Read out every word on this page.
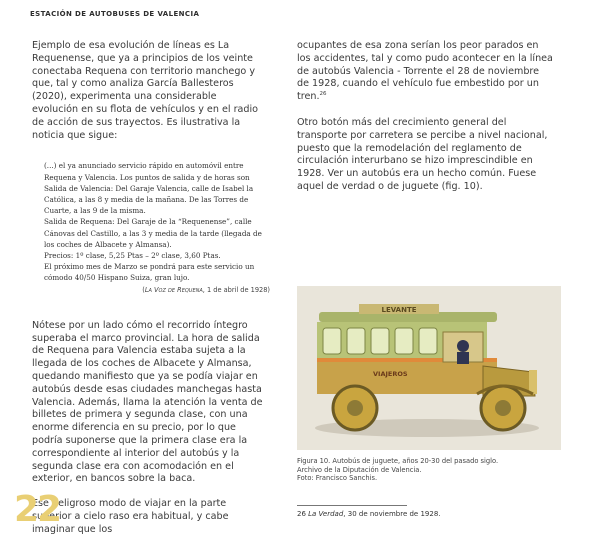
ESTACIÓN DE AUTOBUSES DE VALENCIA

Ejemplo de esa evolución de líneas es La Requenense, que ya a principios de los veinte conectaba Requena con territorio manchego y que, tal y como analiza García Ballesteros (2020), experimenta una considerable evolución en su flota de vehículos y en el radio de acción de sus trayectos. Es ilustrativa la noticia que sigue:

(...) el ya anunciado servicio rápido en automóvil entre Requena y Valencia. Los puntos de salida y de horas son

Salida de Valencia: Del Garaje Valencia, calle de Isabel la Católica, a las 8 y media de la mañana. De las Torres de Cuarte, a las 9 de la misma.

Salida de Requena: Del Garaje de la “Requenense”, calle Cánovas del Castillo, a las 3 y media de la tarde (llegada de los coches de Albacete y Almansa).

Precios: 1º clase, 5,25 Ptas – 2º clase, 3,60 Ptas.

El próximo mes de Marzo se pondrá para este servicio un cómodo 40/50 Hispano Suiza, gran lujo.

(La Voz de Requena, 1 de abril de 1928)

Nótese por un lado cómo el recorrido íntegro superaba el marco provincial. La hora de salida de Requena para Valencia estaba sujeta a la llegada de los coches de Albacete y Almansa, quedando manifiesto que ya se podía viajar en autobús desde esas ciudades manchegas hasta Valencia. Además, llama la atención la venta de billetes de primera y segunda clase, con una enorme diferencia en su precio, por lo que podría suponerse que la primera clase era la correspondiente al interior del autobús y la segunda clase era con acomodación en el exterior, en bancos sobre la baca.

Ese peligroso modo de viajar en la parte superior a cielo raso era habitual, y cabe imaginar que los

ocupantes de esa zona serían los peor parados en los accidentes, tal y como pudo acontecer en la línea de autobús Valencia - Torrente el 28 de noviembre de 1928, cuando el vehículo fue embestido por un tren.$^{26}$

Otro botón más del crecimiento general del transporte por carretera se percibe a nivel nacional, puesto que la remodelación del reglamento de circulación interurbano se hizo imprescindible en 1928. Ver un autobús era un hecho común. Fuese aquel de verdad o de juguete (fig. 10).

LEVANTE
VIAJEROS

Figura 10. Autobús de juguete, años 20-30 del pasado siglo.

Archivo de la Diputación de Valencia.

Foto: Francisco Sanchis.

26 La Verdad, 30 de noviembre de 1928.
22
